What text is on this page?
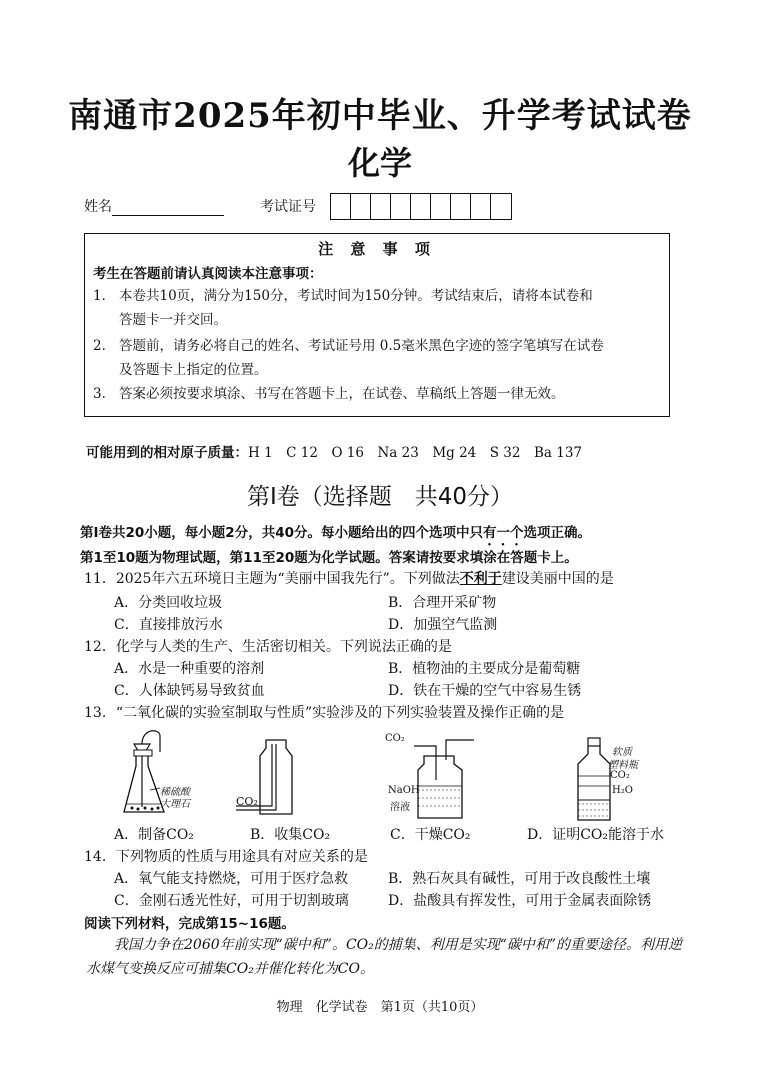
南通市2025年初中毕业、升学考试试卷
化学
姓名	考试证号
注 意 事 项
考生在答题前请认真阅读本注意事项：
1． 本卷共10页，满分为150分，考试时间为150分钟。考试结束后，请将本试卷和
答题卡一并交回。
2． 答题前，请务必将自己的姓名、考试证号用 0.5毫米黑色字迹的签字笔填写在试卷
及答题卡上指定的位置。
3． 答案必须按要求填涂、书写在答题卡上，在试卷、草稿纸上答题一律无效。
可能用到的相对原子质量：H 1　C 12　O 16　Na 23　Mg 24　S 32　Ba 137
第Ⅰ卷（选择题　共40分）
第Ⅰ卷共20小题，每小题2分，共40分。每小题给出的四个选项中只有一个选项正确。
第1至10题为物理试题，第11至20题为化学试题。答案请按要求填涂在答题卡上。
11．2025年六五环境日主题为“美丽中国我先行”。下列做法不利于建设美丽中国的是
A．分类回收垃圾	B．合理开采矿物
C．直接排放污水	D．加强空气监测
12．化学与人类的生产、生活密切相关。下列说法正确的是
A．水是一种重要的溶剂	B．植物油的主要成分是葡萄糖
C．人体缺钙易导致贫血	D．铁在干燥的空气中容易生锈
13．“二氧化碳的实验室制取与性质”实验涉及的下列实验装置及操作正确的是
稀硫酸
大理石	CO₂
CO₂
NaOH
溶液
软质
塑料瓶
CO₂
H₂O
A．制备CO₂	B．收集CO₂	C．干燥CO₂	D．证明CO₂能溶于水
14．下列物质的性质与用途具有对应关系的是
A．氧气能支持燃烧，可用于医疗急救	B．熟石灰具有碱性，可用于改良酸性土壤
C．金刚石透光性好，可用于切割玻璃	D．盐酸具有挥发性，可用于金属表面除锈
阅读下列材料，完成第15~16题。
我国力争在2060年前实现“碳中和”。CO₂的捕集、利用是实现“碳中和”的重要途径。利用逆水煤气变换反应可捕集CO₂并催化转化为CO。
物理　化学试卷　第1页（共10页）
